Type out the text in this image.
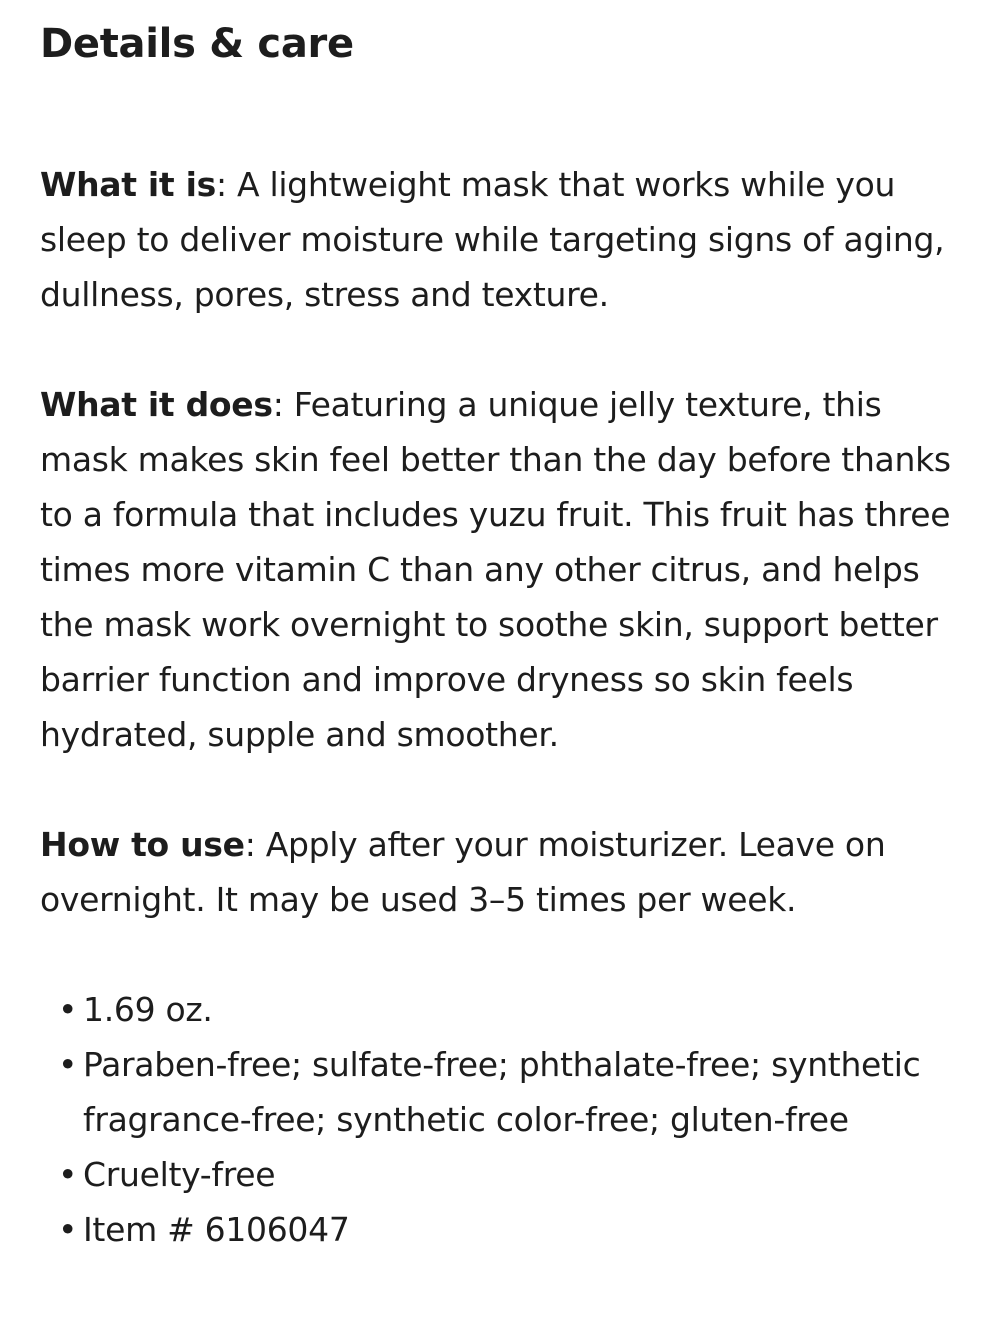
Details & care

What it is: A lightweight mask that works while you sleep to deliver moisture while targeting signs of aging, dullness, pores, stress and texture.

What it does: Featuring a unique jelly texture, this mask makes skin feel better than the day before thanks to a formula that includes yuzu fruit. This fruit has three times more vitamin C than any other citrus, and helps the mask work overnight to soothe skin, support better barrier function and improve dryness so skin feels hydrated, supple and smoother.

How to use: Apply after your moisturizer. Leave on overnight. It may be used 3–5 times per week.

• 1.69 oz.
• Paraben-free; sulfate-free; phthalate-free; synthetic fragrance-free; synthetic color-free; gluten-free
• Cruelty-free
• Item # 6106047
